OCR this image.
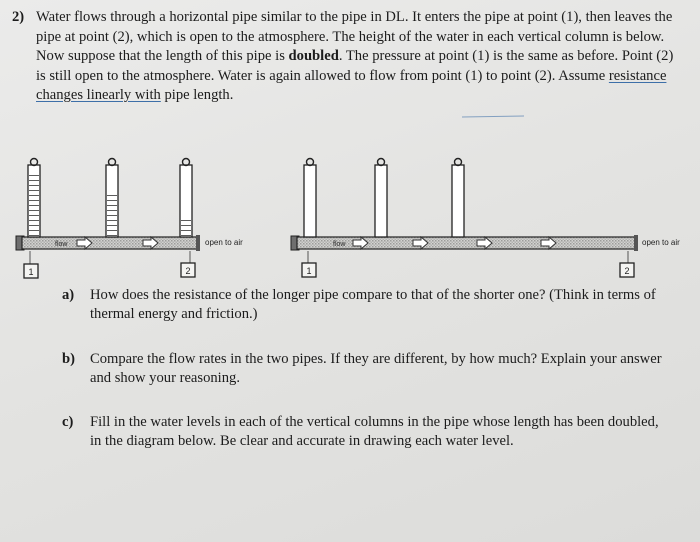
2) Water flows through a horizontal pipe similar to the pipe in DL. It enters the pipe at point (1), then leaves the pipe at point (2), which is open to the atmosphere. The height of the water in each vertical column is below. Now suppose that the length of this pipe is doubled. The pressure at point (1) is the same as before. Point (2) is still open to the atmosphere. Water is again allowed to flow from point (1) to point (2). Assume resistance changes linearly with pipe length.
flow	open to air
1	2
flow	open to air
1	2
a) How does the resistance of the longer pipe compare to that of the shorter one? (Think in terms of thermal energy and friction.)
b) Compare the flow rates in the two pipes. If they are different, by how much? Explain your answer and show your reasoning.
c) Fill in the water levels in each of the vertical columns in the pipe whose length has been doubled, in the diagram below. Be clear and accurate in drawing each water level.
